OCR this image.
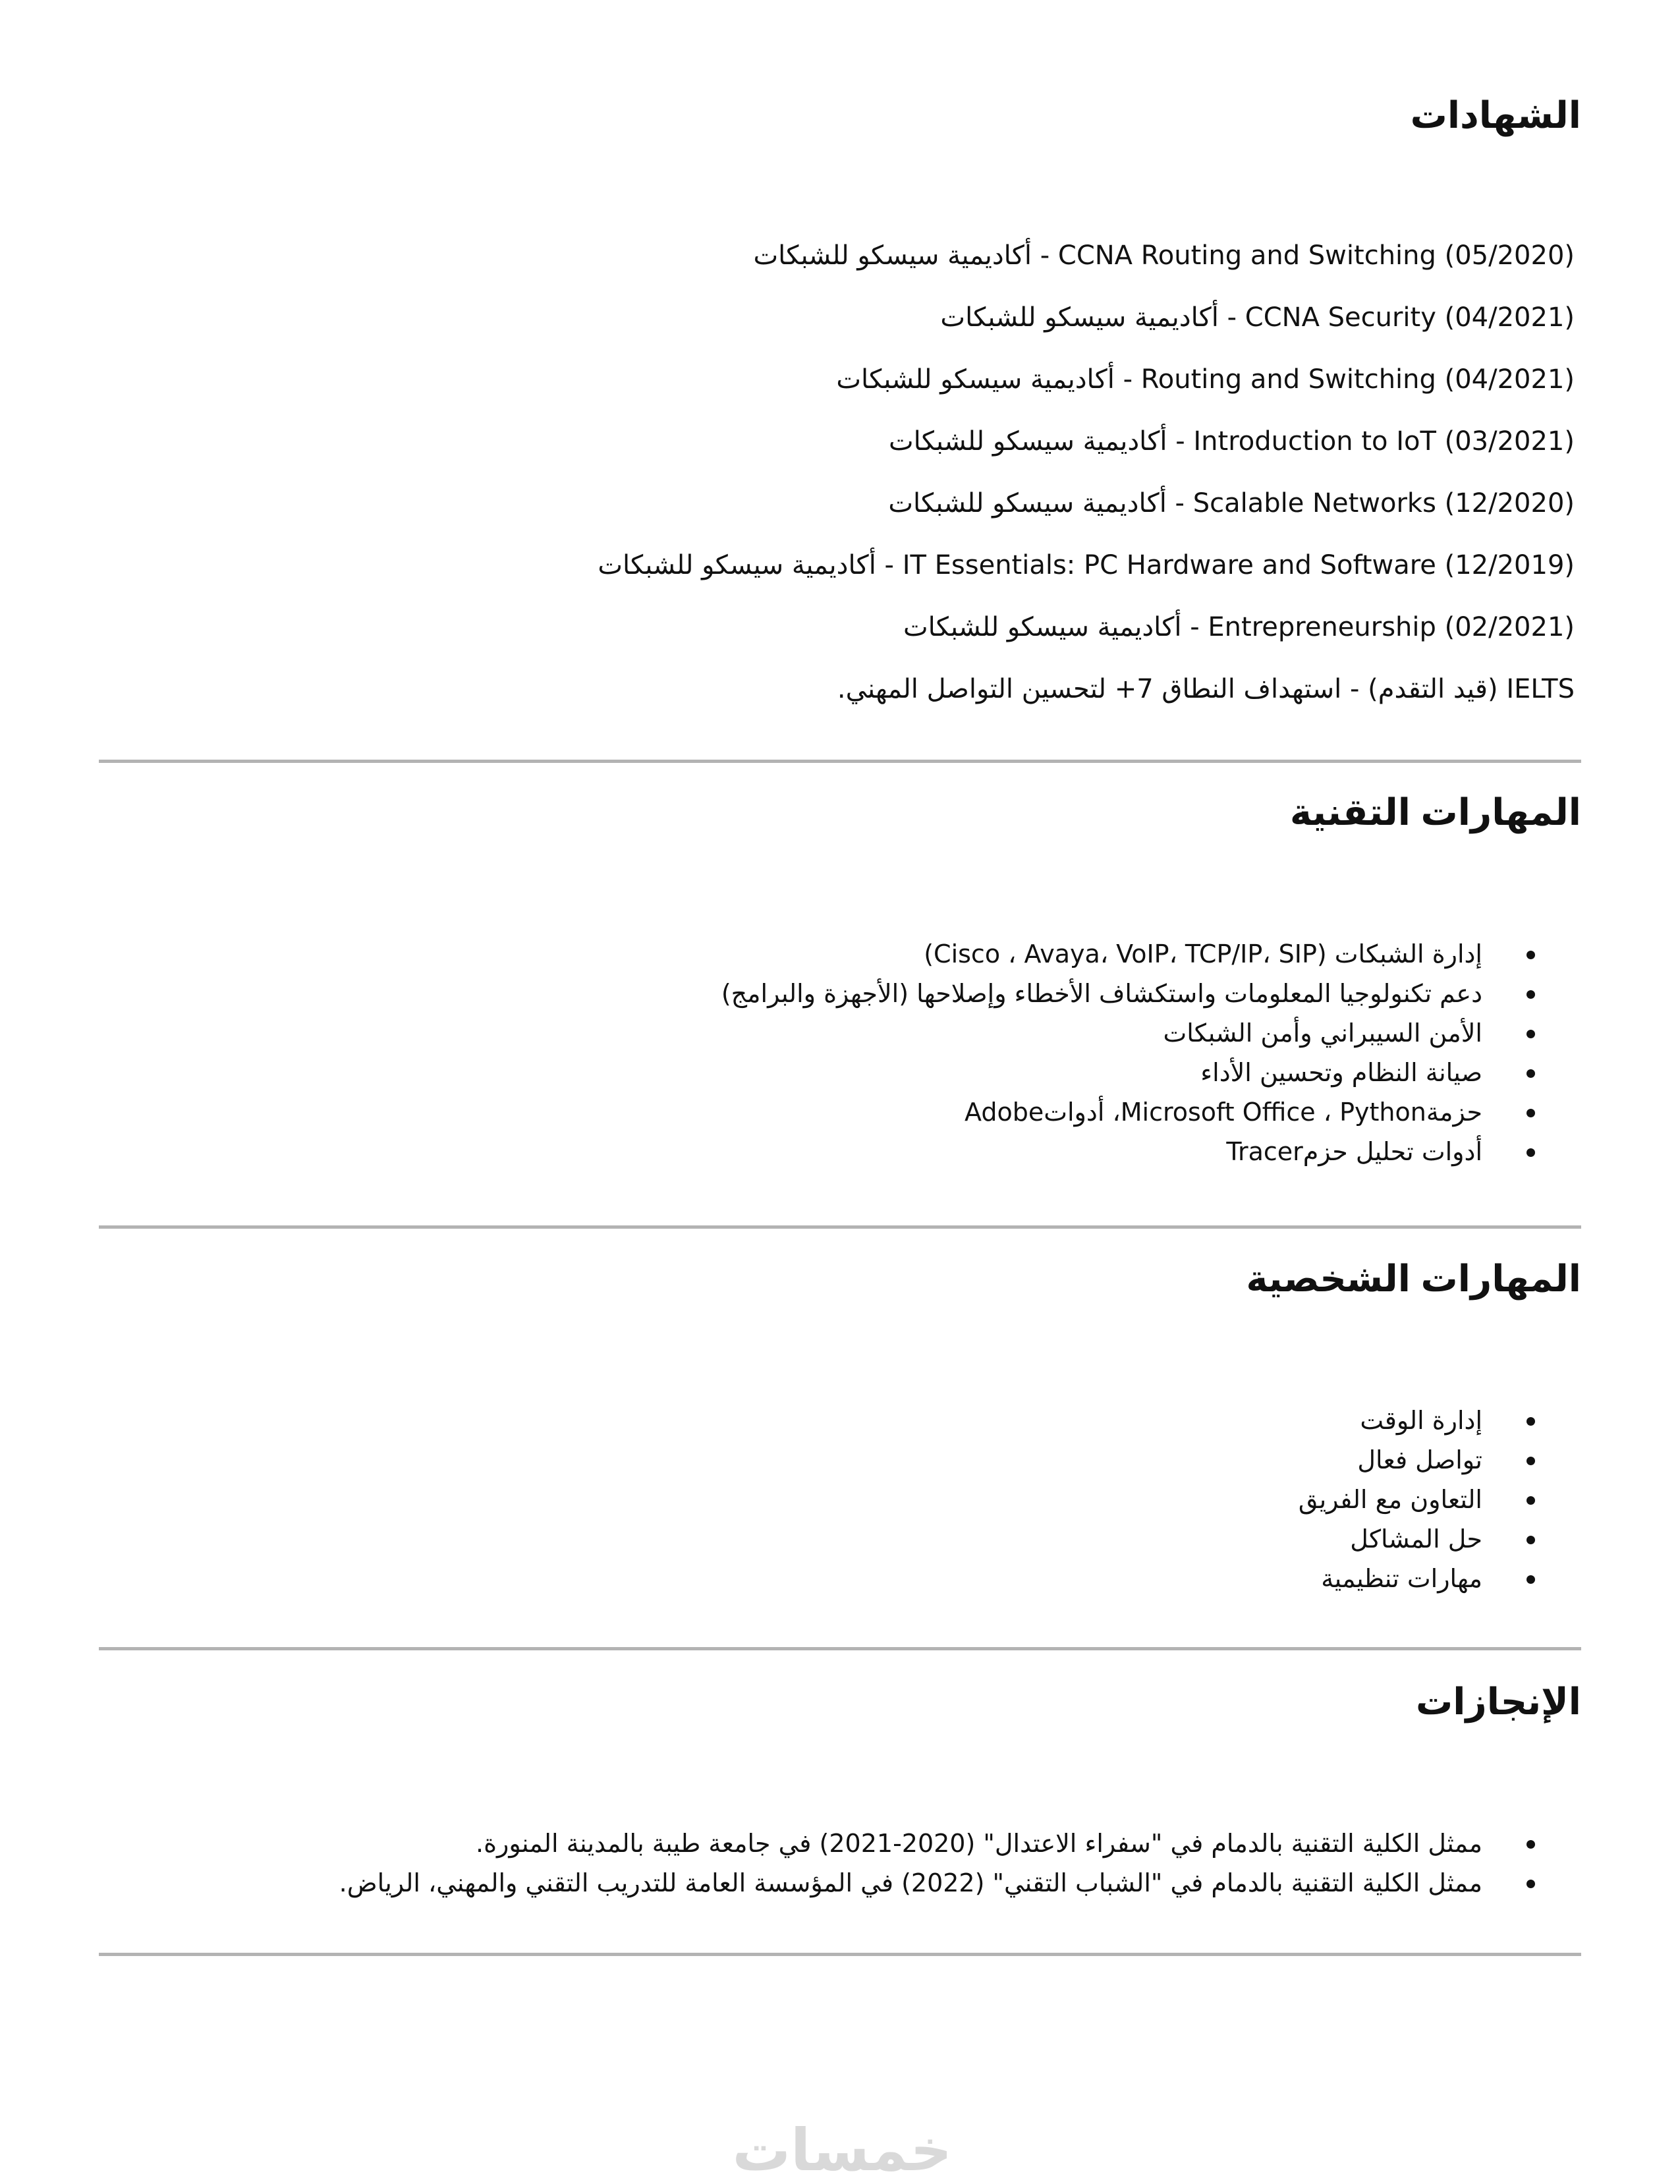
الشهادات
CCNA Routing and Switching (05/2020) - أكاديمية سيسكو للشبكات
CCNA Security (04/2021) - أكاديمية سيسكو للشبكات
Routing and Switching (04/2021) - أكاديمية سيسكو للشبكات
Introduction to IoT (03/2021) - أكاديمية سيسكو للشبكات
Scalable Networks (12/2020) - أكاديمية سيسكو للشبكات
IT Essentials: PC Hardware and Software (12/2019) - أكاديمية سيسكو للشبكات
Entrepreneurship (02/2021) - أكاديمية سيسكو للشبكات
IELTS (قيد التقدم) - استهداف النطاق 7+ لتحسين التواصل المهني.
المهارات التقنية
إدارة الشبكات (Cisco ، Avaya، VoIP، TCP/IP، SIP)
دعم تكنولوجيا المعلومات واستكشاف الأخطاء وإصلاحها (الأجهزة والبرامج)
الأمن السيبراني وأمن الشبكات
صيانة النظام وتحسين الأداء
حزمةMicrosoft Office ، Python، أدواتAdobe
أدوات تحليل حزمTracer
المهارات الشخصية
إدارة الوقت
تواصل فعال
التعاون مع الفريق
حل المشاكل
مهارات تنظيمية
الإنجازات
ممثل الكلية التقنية بالدمام في "سفراء الاعتدال" (2020-2021) في جامعة طيبة بالمدينة المنورة.
ممثل الكلية التقنية بالدمام في "الشباب التقني" (2022) في المؤسسة العامة للتدريب التقني والمهني، الرياض.
خمسات
